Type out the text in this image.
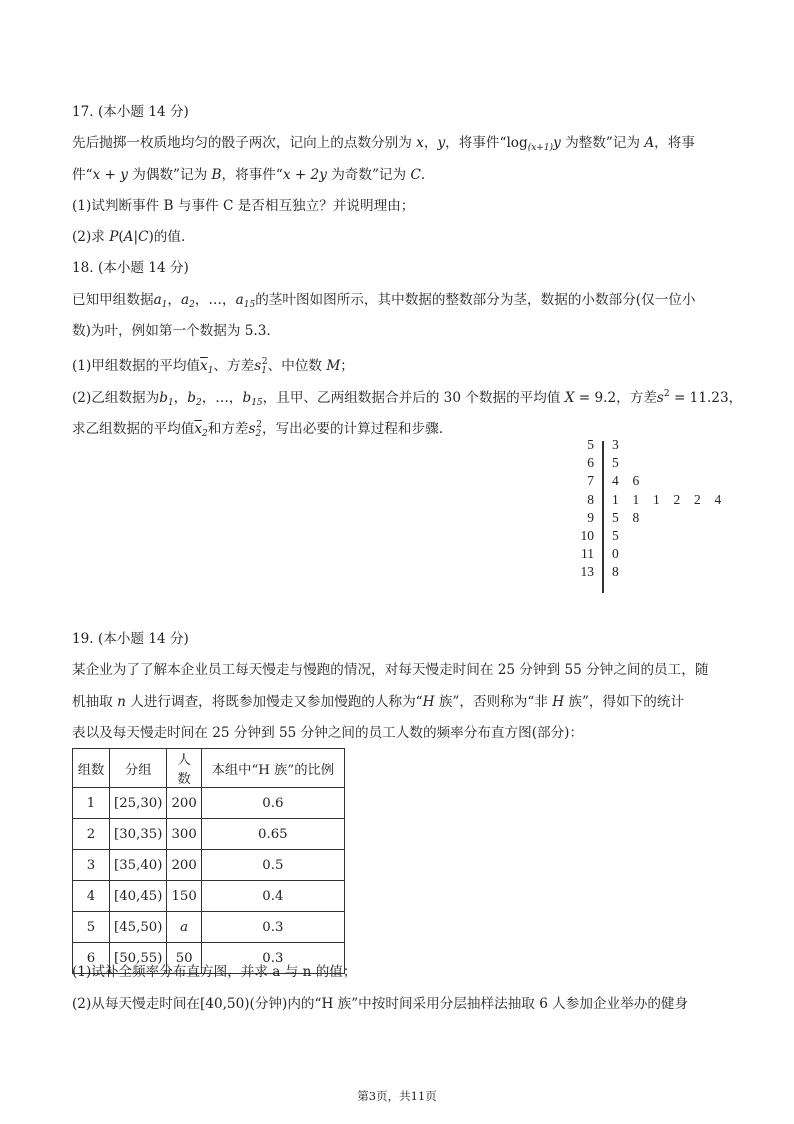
17. (本小题 14 分)
先后抛掷一枚质地均匀的骰子两次，记向上的点数分别为 x，y，将事件“$\log_{(x+1)}y$ 为整数”记为 A，将事
件“x + y 为偶数”记为 B，将事件“x + 2y 为奇数”记为 C.
(1)试判断事件 B 与事件 C 是否相互独立？并说明理由；
(2)求 P(A|C)的值.
18. (本小题 14 分)
已知甲组数据$a_1$，$a_2$，…，$a_{15}$的茎叶图如图所示，其中数据的整数部分为茎，数据的小数部分(仅一位小
数)为叶，例如第一个数据为 5.3.
(1)甲组数据的平均值$\overline{x}_1$、方差$s_1^2$、中位数 M；
(2)乙组数据为$b_1$，$b_2$，…，$b_{15}$，且甲、乙两组数据合并后的 30 个数据的平均值 X = 9.2，方差$s^2 = 11.23$，
求乙组数据的平均值$\overline{x}_2$和方差$s_2^2$，写出必要的计算过程和步骤.
5 3
6 5
7 4	6
8 1	1	1	2	2	4
9 5	8
10 5
11 0
13 8
19. (本小题 14 分)
某企业为了了解本企业员工每天慢走与慢跑的情况，对每天慢走时间在 25 分钟到 55 分钟之间的员工，随
机抽取 n 人进行调查，将既参加慢走又参加慢跑的人称为“H 族”，否则称为“非 H 族”，得如下的统计
表以及每天慢走时间在 25 分钟到 55 分钟之间的员工人数的频率分布直方图(部分)：
组数	分组	人数	本组中“H 族”的比例
1	[25,30)	200	0.6
2	[30,35)	300	0.65
3	[35,40)	200	0.5
4	[40,45)	150	0.4
5	[45,50)	a	0.3
6	[50,55)	50	0.3
(1)试补全频率分布直方图，并求 a 与 n 的值；
(2)从每天慢走时间在[40,50)(分钟)内的“H 族”中按时间采用分层抽样法抽取 6 人参加企业举办的健身
第3页，共11页
